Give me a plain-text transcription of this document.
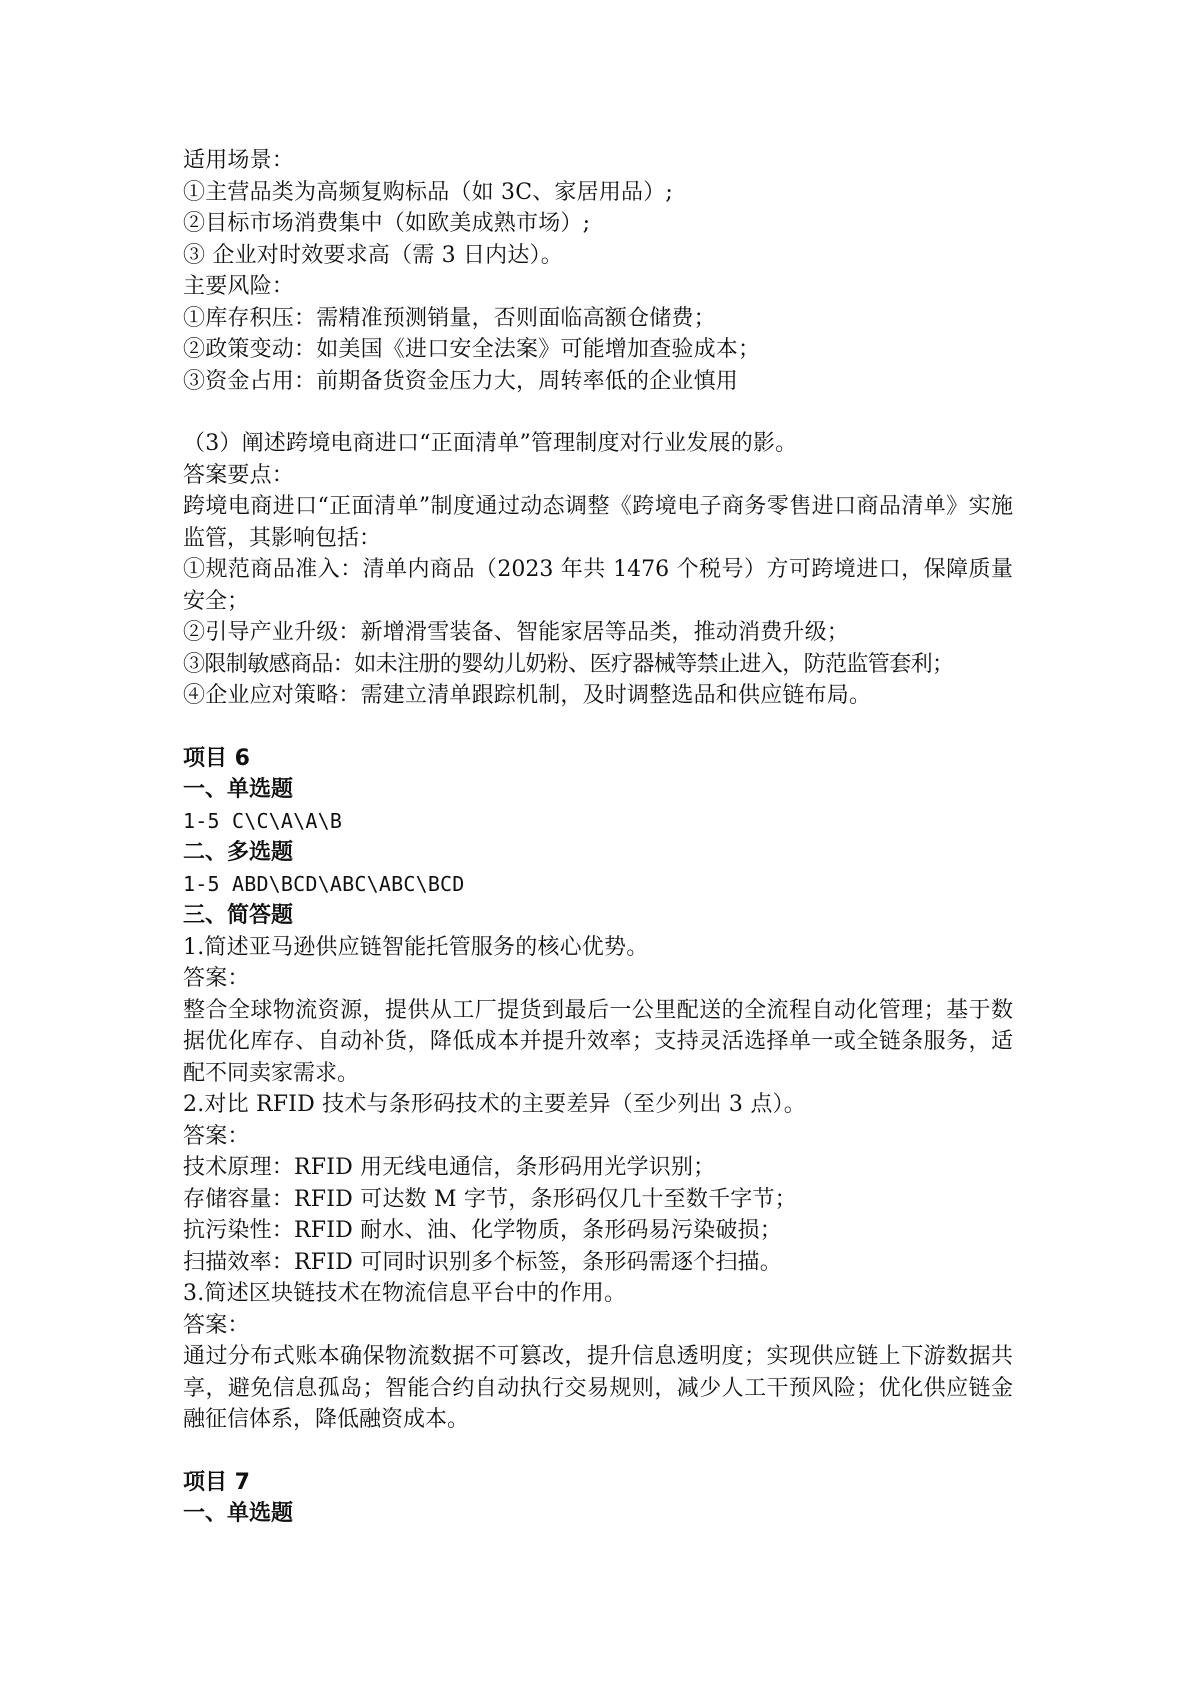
适用场景：
①主营品类为高频复购标品（如 3C、家居用品）;
②目标市场消费集中（如欧美成熟市场）;
③ 企业对时效要求高（需 3 日内达）。
主要风险：
①库存积压：需精准预测销量，否则面临高额仓储费；
②政策变动：如美国《进口安全法案》可能增加查验成本；
③资金占用：前期备货资金压力大，周转率低的企业慎用
（3）阐述跨境电商进口“正面清单”管理制度对行业发展的影。
答案要点：
跨境电商进口“正面清单”制度通过动态调整《跨境电子商务零售进口商品清单》实施监管，其影响包括：
①规范商品准入：清单内商品（2023 年共 1476 个税号）方可跨境进口，保障质量安全；
②引导产业升级：新增滑雪装备、智能家居等品类，推动消费升级；
③限制敏感商品：如未注册的婴幼儿奶粉、医疗器械等禁止进入，防范监管套利；
④企业应对策略：需建立清单跟踪机制，及时调整选品和供应链布局。
项目 6
一、单选题
1-5 C\C\A\A\B
二、多选题
1-5 ABD\BCD\ABC\ABC\BCD
三、简答题
1.简述亚马逊供应链智能托管服务的核心优势。
答案：
整合全球物流资源，提供从工厂提货到最后一公里配送的全流程自动化管理；基于数据优化库存、自动补货，降低成本并提升效率；支持灵活选择单一或全链条服务，适配不同卖家需求。
2.对比 RFID 技术与条形码技术的主要差异（至少列出 3 点）。
答案：
技术原理：RFID 用无线电通信，条形码用光学识别；
存储容量：RFID 可达数 M 字节，条形码仅几十至数千字节；
抗污染性：RFID 耐水、油、化学物质，条形码易污染破损；
扫描效率：RFID 可同时识别多个标签，条形码需逐个扫描。
3.简述区块链技术在物流信息平台中的作用。
答案：
通过分布式账本确保物流数据不可篡改，提升信息透明度；实现供应链上下游数据共享，避免信息孤岛；智能合约自动执行交易规则，减少人工干预风险；优化供应链金融征信体系，降低融资成本。
项目 7
一、单选题
